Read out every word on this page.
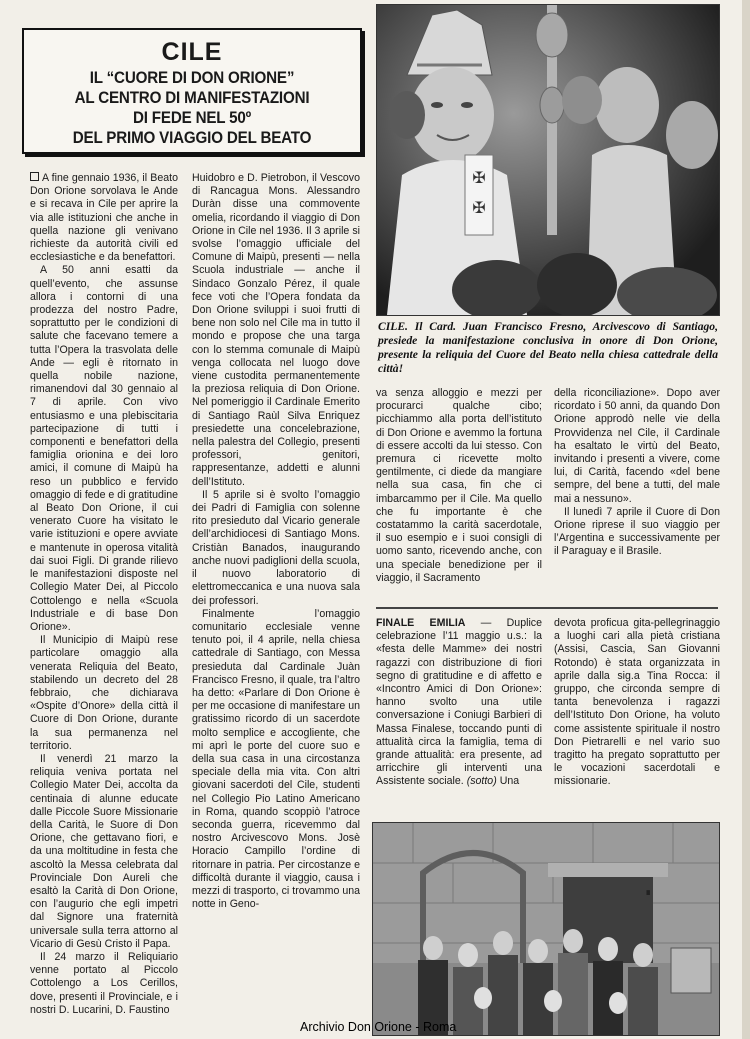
CILE
IL “CUORE DI DON ORIONE”
AL CENTRO DI MANIFESTAZIONI
DI FEDE NEL 50º
DEL PRIMO VIAGGIO DEL BEATO
✠
✠
CILE. Il Card. Juan Francisco Fresno, Arcivescovo di Santiago, presiede la manifestazione conclusiva in onore di Don Orione, presente la reliquia del Cuore del Beato nella chiesa cattedrale della città!

A fine gennaio 1936, il Beato Don Orione sorvolava le Ande e si recava in Cile per aprire la via alle istituzioni che anche in quella nazione gli venivano richieste da autorità civili ed ecclesiastiche e da benefattori.

A 50 anni esatti da quell’evento, che assunse allora i contorni di una prodezza del nostro Padre, soprattutto per le condizioni di salute che facevano temere a tutta l’Opera la trasvolata delle Ande — egli è ritornato in quella nobile nazione, rimanendovi dal 30 gennaio al 7 di aprile. Con vivo entusiasmo e una plebiscitaria partecipazione di tutti i componenti e benefattori della famiglia orionina e dei loro amici, il comune di Maipù ha reso un pubblico e fervido omaggio di fede e di gratitudine al Beato Don Orione, il cui venerato Cuore ha visitato le varie istituzioni e opere avviate e mantenute in operosa vitalità dai suoi Figli. Di grande rilievo le manifestazioni disposte nel Collegio Mater Dei, al Piccolo Cottolengo e nella «Scuola Industriale e di base Don Orione».

Il Municipio di Maipù rese particolare omaggio alla venerata Reliquia del Beato, stabilendo un decreto del 28 febbraio, che dichiarava «Ospite d’Onore» della città il Cuore di Don Orione, durante la sua permanenza nel territorio.

Il venerdì 21 marzo la reliquia veniva portata nel Collegio Mater Dei, accolta da centinaia di alunne educate dalle Piccole Suore Missionarie della Carità, le Suore di Don Orione, che gettavano fiori, e da una moltitudine in festa che ascoltò la Messa celebrata dal Provinciale Don Aureli che esaltò la Carità di Don Orione, con l’augurio che egli impetri dal Signore una fraternità universale sulla terra attorno al Vicario di Gesù Cristo il Papa.

Il 24 marzo il Reliquiario venne portato al Piccolo Cottolengo a Los Cerillos, dove, presenti il Provinciale, e i nostri D. Lucarini, D. Faustino

Huidobro e D. Pietrobon, il Vescovo di Rancagua Mons. Alessandro Duràn disse una commovente omelia, ricordando il viaggio di Don Orione in Cile nel 1936. Il 3 aprile si svolse l’omaggio ufficiale del Comune di Maipù, presenti — nella Scuola industriale — anche il Sindaco Gonzalo Pérez, il quale fece voti che l’Opera fondata da Don Orione sviluppi i suoi frutti di bene non solo nel Cile ma in tutto il mondo e propose che una targa con lo stemma comunale di Maipù venga collocata nel luogo dove viene custodita permanentemente la preziosa reliquia di Don Orione. Nel pomeriggio il Cardinale Emerito di Santiago Raùl Silva Enriquez presiedette una concelebrazione, nella palestra del Collegio, presenti professori, genitori, rappresentanze, addetti e alunni dell’Istituto.

Il 5 aprile si è svolto l’omaggio dei Padri di Famiglia con solenne rito presieduto dal Vicario generale dell’archidiocesi di Santiago Mons. Cristiàn Banados, inaugurando anche nuovi padiglioni della scuola, il nuovo laboratorio di elettromeccanica e una nuova sala dei professori.

Finalmente l’omaggio comunitario ecclesiale venne tenuto poi, il 4 aprile, nella chiesa cattedrale di Santiago, con Messa presieduta dal Cardinale Juàn Francisco Fresno, il quale, tra l’altro ha detto: «Parlare di Don Orione è per me occasione di manifestare un gratissimo ricordo di un sacerdote molto semplice e accogliente, che mi aprì le porte del cuore suo e della sua casa in una circostanza speciale della mia vita. Con altri giovani sacerdoti del Cile, studenti nel Collegio Pio Latino Americano in Roma, quando scoppiò l’atroce seconda guerra, ricevemmo dal nostro Arcivescovo Mons. Josè Horacio Campillo l’ordine di ritornare in patria. Per circostanze e difficoltà durante il viaggio, causa i mezzi di trasporto, ci trovammo una notte in Geno-

va senza alloggio e mezzi per procurarci qualche cibo; picchiammo alla porta dell’istituto di Don Orione e avemmo la fortuna di essere accolti da lui stesso. Con premura ci ricevette molto gentilmente, ci diede da mangiare nella sua casa, fin che ci imbarcammo per il Cile. Ma quello che fu importante è che costatammo la carità sacerdotale, il suo esempio e i suoi consigli di uomo santo, ricevendo anche, con una speciale benedizione per il viaggio, il Sacramento

della riconciliazione». Dopo aver ricordato i 50 anni, da quando Don Orione approdò nelle vie della Provvidenza nel Cile, il Cardinale ha esaltato le virtù del Beato, invitando i presenti a vivere, come lui, di Carità, facendo «del bene sempre, del bene a tutti, del male mai a nessuno».

Il lunedì 7 aprile il Cuore di Don Orione riprese il suo viaggio per l’Argentina e successivamente per il Paraguay e il Brasile.

FINALE EMILIA — Duplice celebrazione l’11 maggio u.s.: la «festa delle Mamme» dei nostri ragazzi con distribuzione di fiori segno di gratitudine e di affetto e «Incontro Amici di Don Orione»: hanno svolto una utile conversazione i Coniugi Barbieri di Massa Finalese, toccando punti di attualità circa la famiglia, tema di grande attualità: era presente, ad arricchire gli interventi una Assistente sociale. (sotto) Una

devota proficua gita-pellegrinaggio a luoghi cari alla pietà cristiana (Assisi, Cascia, San Giovanni Rotondo) è stata organizzata in aprile dalla sig.a Tina Rocca: il gruppo, che circonda sempre di tanta benevolenza i ragazzi dell’Istituto Don Orione, ha voluto come assistente spirituale il nostro Don Pietrarelli e nel vario suo tragitto ha pregato soprattutto per le vocazioni sacerdotali e missionarie.

∎
Archivio Don Orione - Roma
